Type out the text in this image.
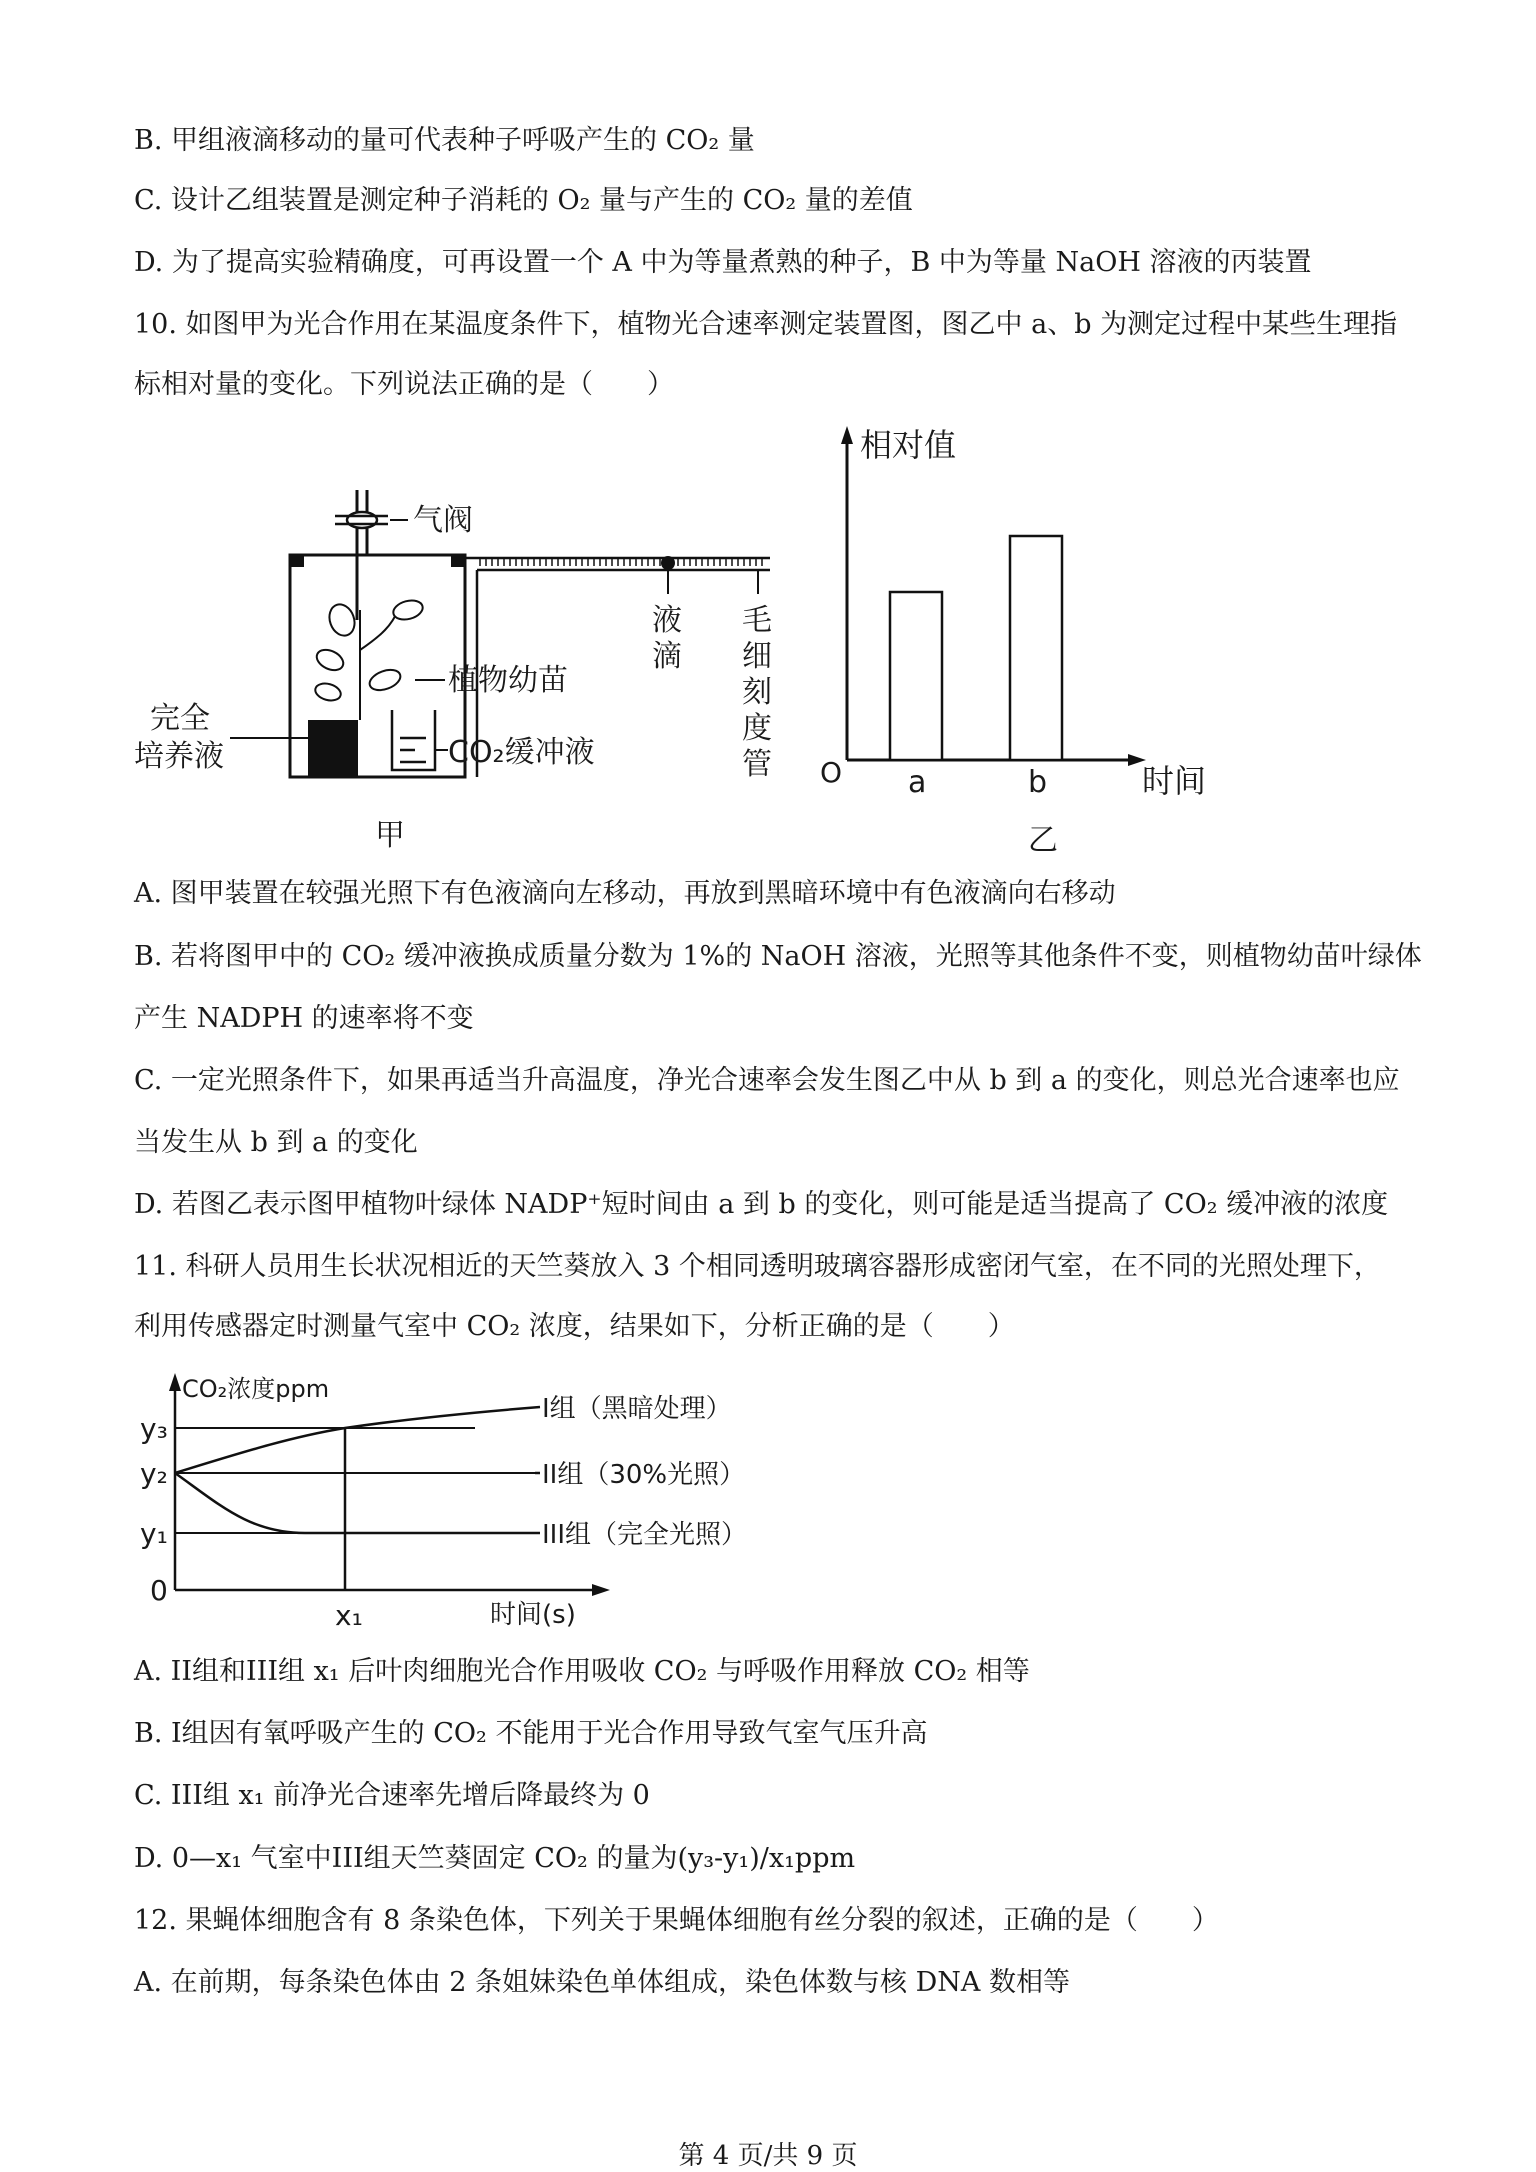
B. 甲组液滴移动的量可代表种子呼吸产生的 CO₂ 量
C. 设计乙组装置是测定种子消耗的 O₂ 量与产生的 CO₂ 量的差值
D. 为了提高实验精确度，可再设置一个 A 中为等量煮熟的种子，B 中为等量 NaOH 溶液的丙装置
10. 如图甲为光合作用在某温度条件下，植物光合速率测定装置图，图乙中 a、b 为测定过程中某些生理指
标相对量的变化。下列说法正确的是（　　）
气阀
液
滴
毛
细
刻
度
管
植物幼苗
CO₂缓冲液
完全
培养液
甲
相对值
O	时间
a	b
乙
A. 图甲装置在较强光照下有色液滴向左移动，再放到黑暗环境中有色液滴向右移动
B. 若将图甲中的 CO₂ 缓冲液换成质量分数为 1%的 NaOH 溶液，光照等其他条件不变，则植物幼苗叶绿体
产生 NADPH 的速率将不变
C. 一定光照条件下，如果再适当升高温度，净光合速率会发生图乙中从 b 到 a 的变化，则总光合速率也应
当发生从 b 到 a 的变化
D. 若图乙表示图甲植物叶绿体 NADP⁺短时间由 a 到 b 的变化，则可能是适当提高了 CO₂ 缓冲液的浓度
11. 科研人员用生长状况相近的天竺葵放入 3 个相同透明玻璃容器形成密闭气室，在不同的光照处理下，
利用传感器定时测量气室中 CO₂ 浓度，结果如下，分析正确的是（　　）
CO₂浓度ppm
y₃
y₂
y₁
0
x₁	时间(s)
I组（黑暗处理）
II组（30%光照）
III组（完全光照）
A. II组和III组 x₁ 后叶肉细胞光合作用吸收 CO₂ 与呼吸作用释放 CO₂ 相等
B. I组因有氧呼吸产生的 CO₂ 不能用于光合作用导致气室气压升高
C. III组 x₁ 前净光合速率先增后降最终为 0
D. 0—x₁ 气室中III组天竺葵固定 CO₂ 的量为(y₃-y₁)/x₁ppm
12. 果蝇体细胞含有 8 条染色体，下列关于果蝇体细胞有丝分裂的叙述，正确的是（　　）
A. 在前期，每条染色体由 2 条姐妹染色单体组成，染色体数与核 DNA 数相等
第 4 页/共 9 页
